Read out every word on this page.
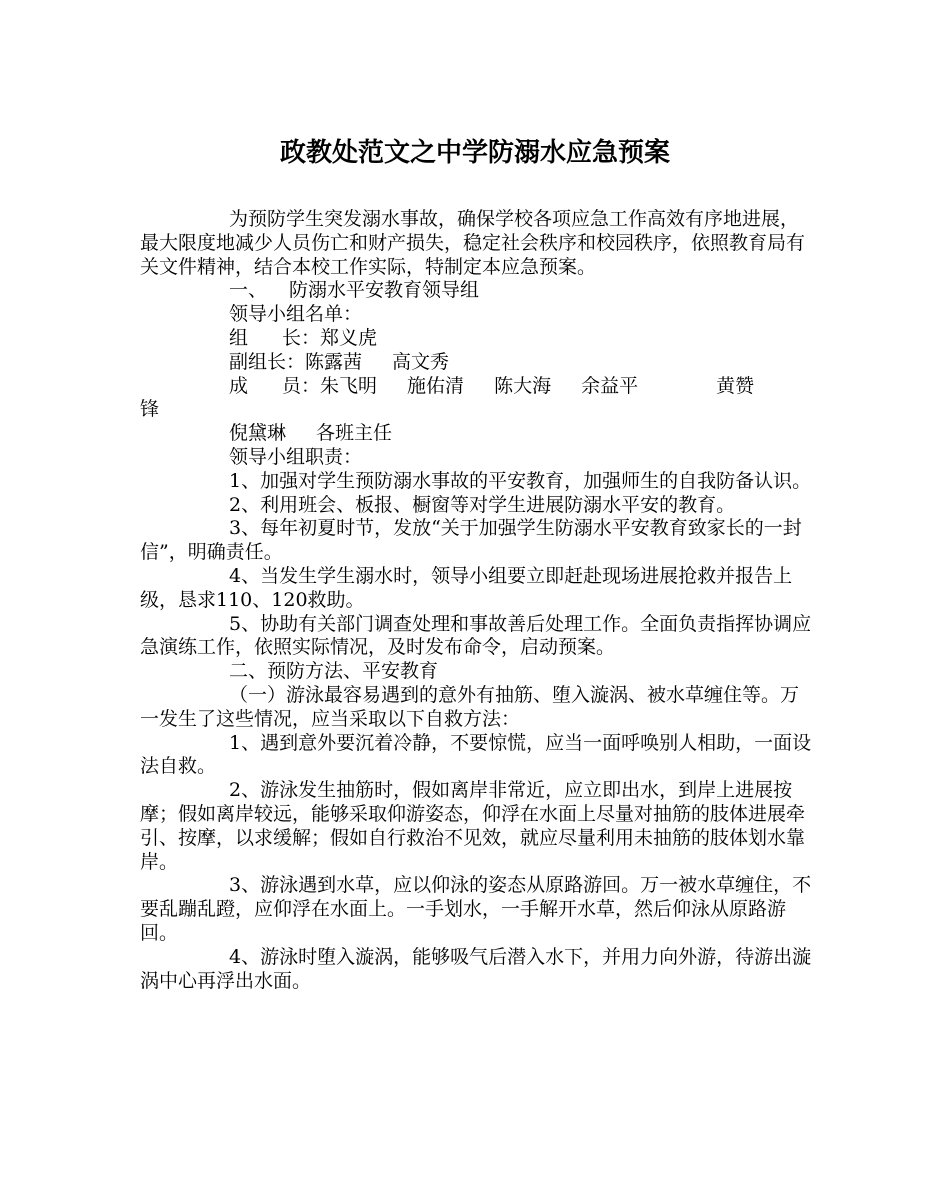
政教处范文之中学防溺水应急预案

为预防学生突发溺水事故，确保学校各项应急工作高效有序地进展，最大限度地减少人员伤亡和财产损失，稳定社会秩序和校园秩序，依照教育局有关文件精神，结合本校工作实际，特制定本应急预案。

一、 防溺水平安教育领导组

领导小组名单：

组 长：郑义虎

副组长：陈露茜 高文秀

成 员：朱飞明 施佑清 陈大海 余益平	黄赞

锋

倪黛琳 各班主任

领导小组职责：

1、加强对学生预防溺水事故的平安教育，加强师生的自我防备认识。

2、利用班会、板报、橱窗等对学生进展防溺水平安的教育。

3、每年初夏时节，发放“关于加强学生防溺水平安教育致家长的一封信”，明确责任。

4、当发生学生溺水时，领导小组要立即赶赴现场进展抢救并报告上级，恳求110、120救助。

5、协助有关部门调查处理和事故善后处理工作。全面负责指挥协调应急演练工作，依照实际情况，及时发布命令，启动预案。

二、预防方法、平安教育

（一）游泳最容易遇到的意外有抽筋、堕入漩涡、被水草缠住等。万一发生了这些情况，应当采取以下自救方法：

1、遇到意外要沉着冷静，不要惊慌，应当一面呼唤别人相助，一面设法自救。

2、游泳发生抽筋时，假如离岸非常近，应立即出水，到岸上进展按摩；假如离岸较远，能够采取仰游姿态，仰浮在水面上尽量对抽筋的肢体进展牵引、按摩，以求缓解；假如自行救治不见效，就应尽量利用未抽筋的肢体划水靠岸。

3、游泳遇到水草，应以仰泳的姿态从原路游回。万一被水草缠住，不要乱蹦乱蹬，应仰浮在水面上。一手划水，一手解开水草，然后仰泳从原路游回。

4、游泳时堕入漩涡，能够吸气后潜入水下，并用力向外游，待游出漩涡中心再浮出水面。
